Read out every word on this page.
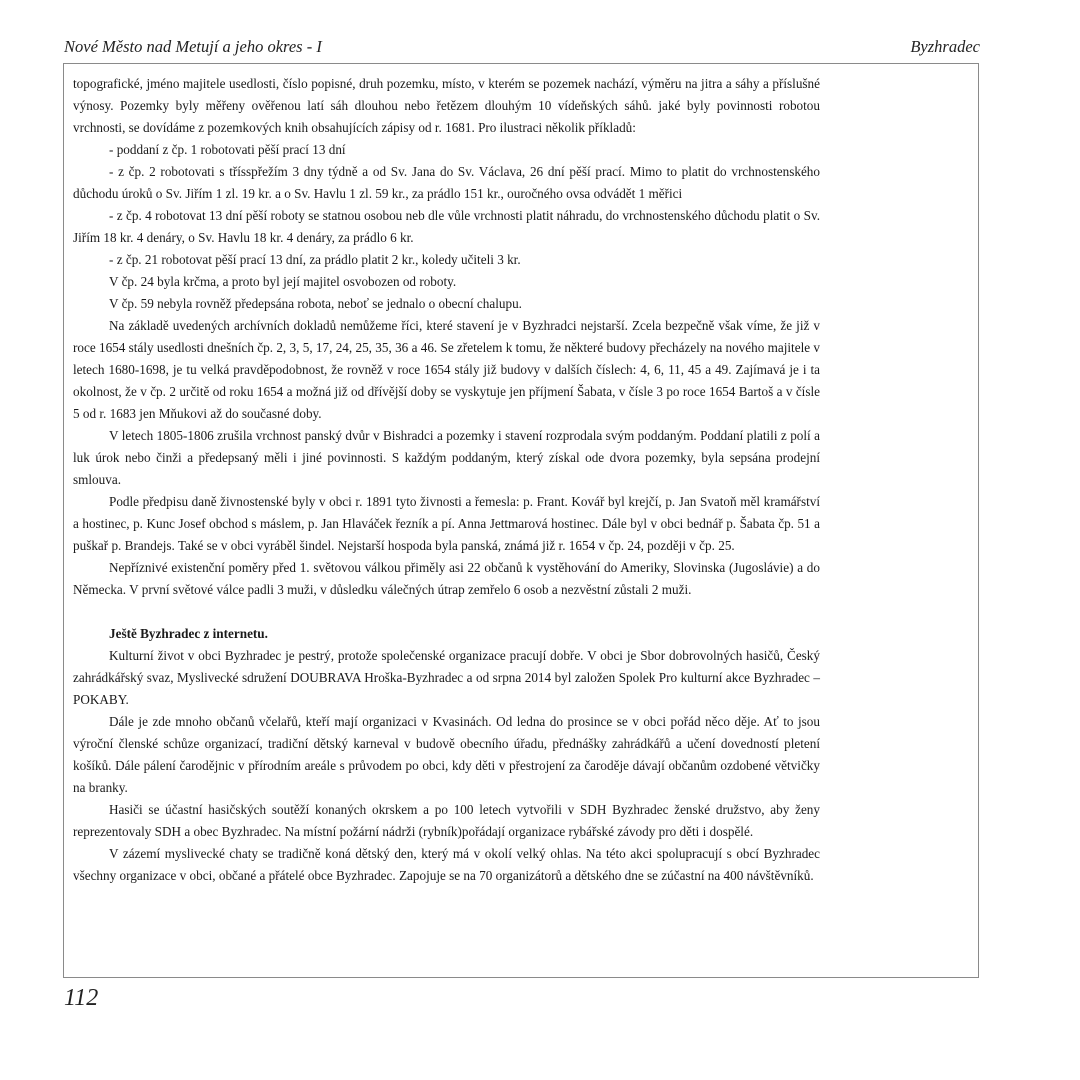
Nové Město nad Metují a jeho okres - I	Byzhradec

topografické, jméno majitele usedlosti, číslo popisné, druh pozemku, místo, v kterém se pozemek nachází, výměru na jitra a sáhy a příslušné výnosy. Pozemky byly měřeny ověřenou latí sáh dlouhou nebo řetězem dlouhým 10 vídeňských sáhů. jaké byly povinnosti robotou vrchnosti, se dovídáme z pozemkových knih obsahujících zápisy od r. 1681. Pro ilustraci několik příkladů:

- poddaní z čp. 1 robotovati pěší prací 13 dní

- z čp. 2 robotovati s třísspřežím 3 dny týdně a od Sv. Jana do Sv. Václava, 26 dní pěší prací. Mimo to platit do vrchnostenského důchodu úroků o Sv. Jiřím 1 zl. 19 kr. a o Sv. Havlu 1 zl. 59 kr., za prádlo 151 kr., ouročného ovsa odvádět 1 měřici

- z čp. 4 robotovat 13 dní pěší roboty se statnou osobou neb dle vůle vrchnosti platit náhradu, do vrchnostenského důchodu platit o Sv. Jiřím 18 kr. 4 denáry, o Sv. Havlu 18 kr. 4 denáry, za prádlo 6 kr.

- z čp. 21 robotovat pěší prací 13 dní, za prádlo platit 2 kr., koledy učiteli 3 kr.

V čp. 24 byla krčma, a proto byl její majitel osvobozen od roboty.

V čp. 59 nebyla rovněž předepsána robota, neboť se jednalo o obecní chalupu.

Na základě uvedených archívních dokladů nemůžeme říci, které stavení je v Byzhradci nejstarší. Zcela bezpečně však víme, že již v roce 1654 stály usedlosti dnešních čp. 2, 3, 5, 17, 24, 25, 35, 36 a 46. Se zřetelem k tomu, že některé budovy přecházely na nového majitele v letech 1680-1698, je tu velká pravděpodobnost, že rovněž v roce 1654 stály již budovy v dalších číslech: 4, 6, 11, 45 a 49. Zajímavá je i ta okolnost, že v čp. 2 určitě od roku 1654 a možná již od dřívější doby se vyskytuje jen příjmení Šabata, v čísle 3 po roce 1654 Bartoš a v čísle 5 od r. 1683 jen Mňukovi až do současné doby.

V letech 1805-1806 zrušila vrchnost panský dvůr v Bishradci a pozemky i stavení rozprodala svým poddaným. Poddaní platili z polí a luk úrok nebo činži a předepsaný měli i jiné povinnosti. S každým poddaným, který získal ode dvora pozemky, byla sepsána prodejní smlouva.

Podle předpisu daně živnostenské byly v obci r. 1891 tyto živnosti a řemesla: p. Frant. Kovář byl krejčí, p. Jan Svatoň měl kramářství a hostinec, p. Kunc Josef obchod s máslem, p. Jan Hlaváček řezník a pí. Anna Jettmarová hostinec. Dále byl v obci bednář p. Šabata čp. 51 a puškař p. Brandejs. Také se v obci vyráběl šindel. Nejstarší hospoda byla panská, známá již r. 1654 v čp. 24, později v čp. 25.

Nepříznivé existenční poměry před 1. světovou válkou přiměly asi 22 občanů k vystěhování do Ameriky, Slovinska (Jugoslávie) a do Německa. V první světové válce padli 3 muži, v důsledku válečných útrap zemřelo 6 osob a nezvěstní zůstali 2 muži.

Ještě Byzhradec z internetu.

Kulturní život v obci Byzhradec je pestrý, protože společenské organizace pracují dobře. V obci je Sbor dobrovolných hasičů, Český zahrádkářský svaz, Myslivecké sdružení DOUBRAVA Hroška-Byzhradec a od srpna 2014 byl založen Spolek Pro kulturní akce Byzhradec – POKABY.

Dále je zde mnoho občanů včelařů, kteří mají organizaci v Kvasinách. Od ledna do prosince se v obci pořád něco děje. Ať to jsou výroční členské schůze organizací, tradiční dětský karneval v budově obecního úřadu, přednášky zahrádkářů a učení dovedností pletení košíků. Dále pálení čarodějnic v přírodním areále s průvodem po obci, kdy děti v přestrojení za čaroděje dávají občanům ozdobené větvičky na branky.

Hasiči se účastní hasičských soutěží konaných okrskem a po 100 letech vytvořili v SDH Byzhradec ženské družstvo, aby ženy reprezentovaly SDH a obec Byzhradec. Na místní požární nádrži (rybník)pořádají organizace rybářské závody pro děti i dospělé.

V zázemí myslivecké chaty se tradičně koná dětský den, který má v okolí velký ohlas. Na této akci spolupracují s obcí Byzhradec všechny organizace v obci, občané a přátelé obce Byzhradec. Zapojuje se na 70 organizátorů a dětského dne se zúčastní na 400 návštěvníků.

112
